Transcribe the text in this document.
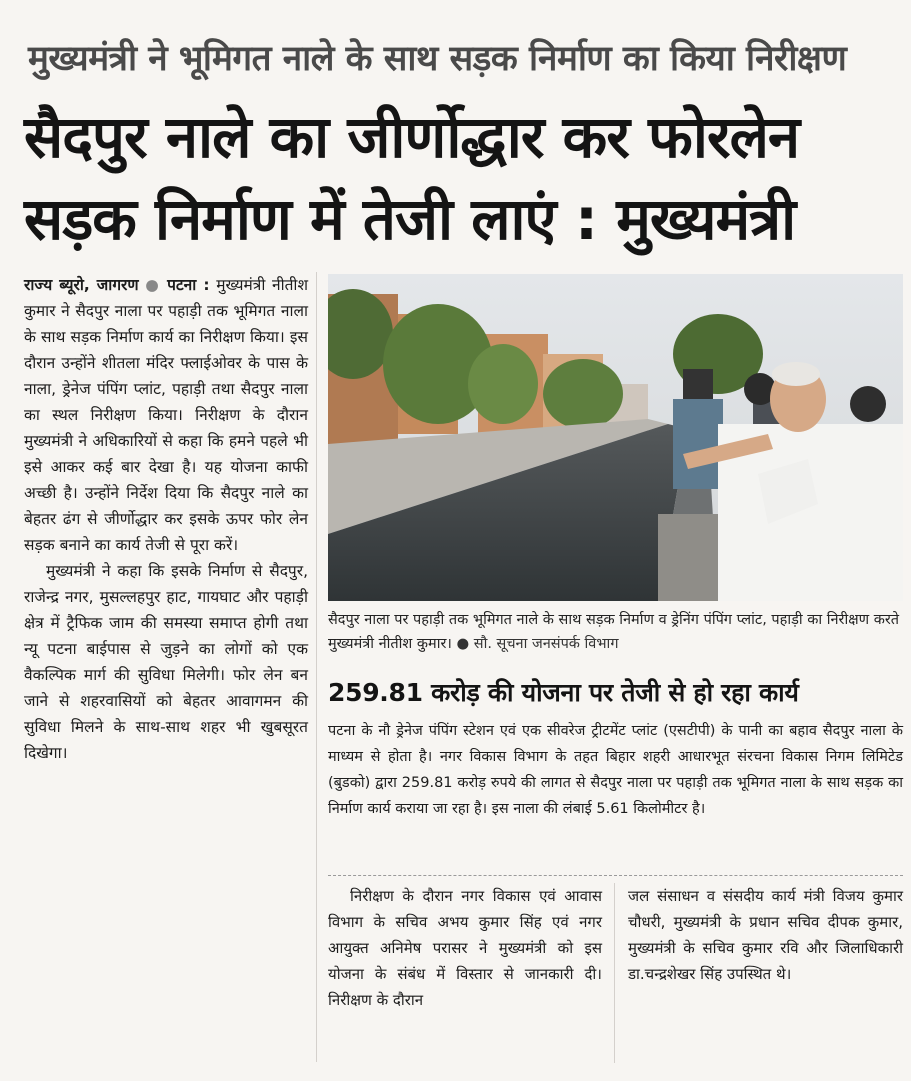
मुख्यमंत्री ने भूमिगत नाले के साथ सड़क निर्माण का किया निरीक्षण
सैदपुर नाले का जीर्णोद्धार कर फोरलेन
सड़क निर्माण में तेजी लाएं : मुख्यमंत्री

राज्य ब्यूरो, जागरण ● पटना : मुख्यमंत्री नीतीश कुमार ने सैदपुर नाला पर पहाड़ी तक भूमिगत नाला के साथ सड़क निर्माण कार्य का निरीक्षण किया। इस दौरान उन्होंने शीतला मंदिर फ्लाईओवर के पास के नाला, ड्रेनेज पंपिंग प्लांट, पहाड़ी तथा सैदपुर नाला का स्थल निरीक्षण किया। निरीक्षण के दौरान मुख्यमंत्री ने अधिकारियों से कहा कि हमने पहले भी इसे आकर कई बार देखा है। यह योजना काफी अच्छी है। उन्होंने निर्देश दिया कि सैदपुर नाले का बेहतर ढंग से जीर्णोद्धार कर इसके ऊपर फोर लेन सड़क बनाने का कार्य तेजी से पूरा करें।

मुख्यमंत्री ने कहा कि इसके निर्माण से सैदपुर, राजेन्द्र नगर, मुसल्लहपुर हाट, गायघाट और पहाड़ी क्षेत्र में ट्रैफिक जाम की समस्या समाप्त होगी तथा न्यू पटना बाईपास से जुड़ने का लोगों को एक वैकल्पिक मार्ग की सुविधा मिलेगी। फोर लेन बन जाने से शहरवासियों को बेहतर आवागमन की सुविधा मिलने के साथ-साथ शहर भी खुबसूरत दिखेगा।

सैदपुर नाला पर पहाड़ी तक भूमिगत नाले के साथ सड़क निर्माण व ड्रेनिंग पंपिंग प्लांट, पहाड़ी का निरीक्षण करते मुख्यमंत्री नीतीश कुमार। ● सौ. सूचना जनसंपर्क विभाग
259.81 करोड़ की योजना पर तेजी से हो रहा कार्य
पटना के नौ ड्रेनेज पंपिंग स्टेशन एवं एक सीवरेज ट्रीटमेंट प्लांट (एसटीपी) के पानी का बहाव सैदपुर नाला के माध्यम से होता है। नगर विकास विभाग के तहत बिहार शहरी आधारभूत संरचना विकास निगम लिमिटेड (बुडको) द्वारा 259.81 करोड़ रुपये की लागत से सैदपुर नाला पर पहाड़ी तक भूमिगत नाला के साथ सड़क का निर्माण कार्य कराया जा रहा है। इस नाला की लंबाई 5.61 किलोमीटर है।

निरीक्षण के दौरान नगर विकास एवं आवास विभाग के सचिव अभय कुमार सिंह एवं नगर आयुक्त अनिमेष परासर ने मुख्यमंत्री को इस योजना के संबंध में विस्तार से जानकारी दी। निरीक्षण के दौरान

जल संसाधन व संसदीय कार्य मंत्री विजय कुमार चौधरी, मुख्यमंत्री के प्रधान सचिव दीपक कुमार, मुख्यमंत्री के सचिव कुमार रवि और जिलाधिकारी डा.चन्द्रशेखर सिंह उपस्थित थे।
